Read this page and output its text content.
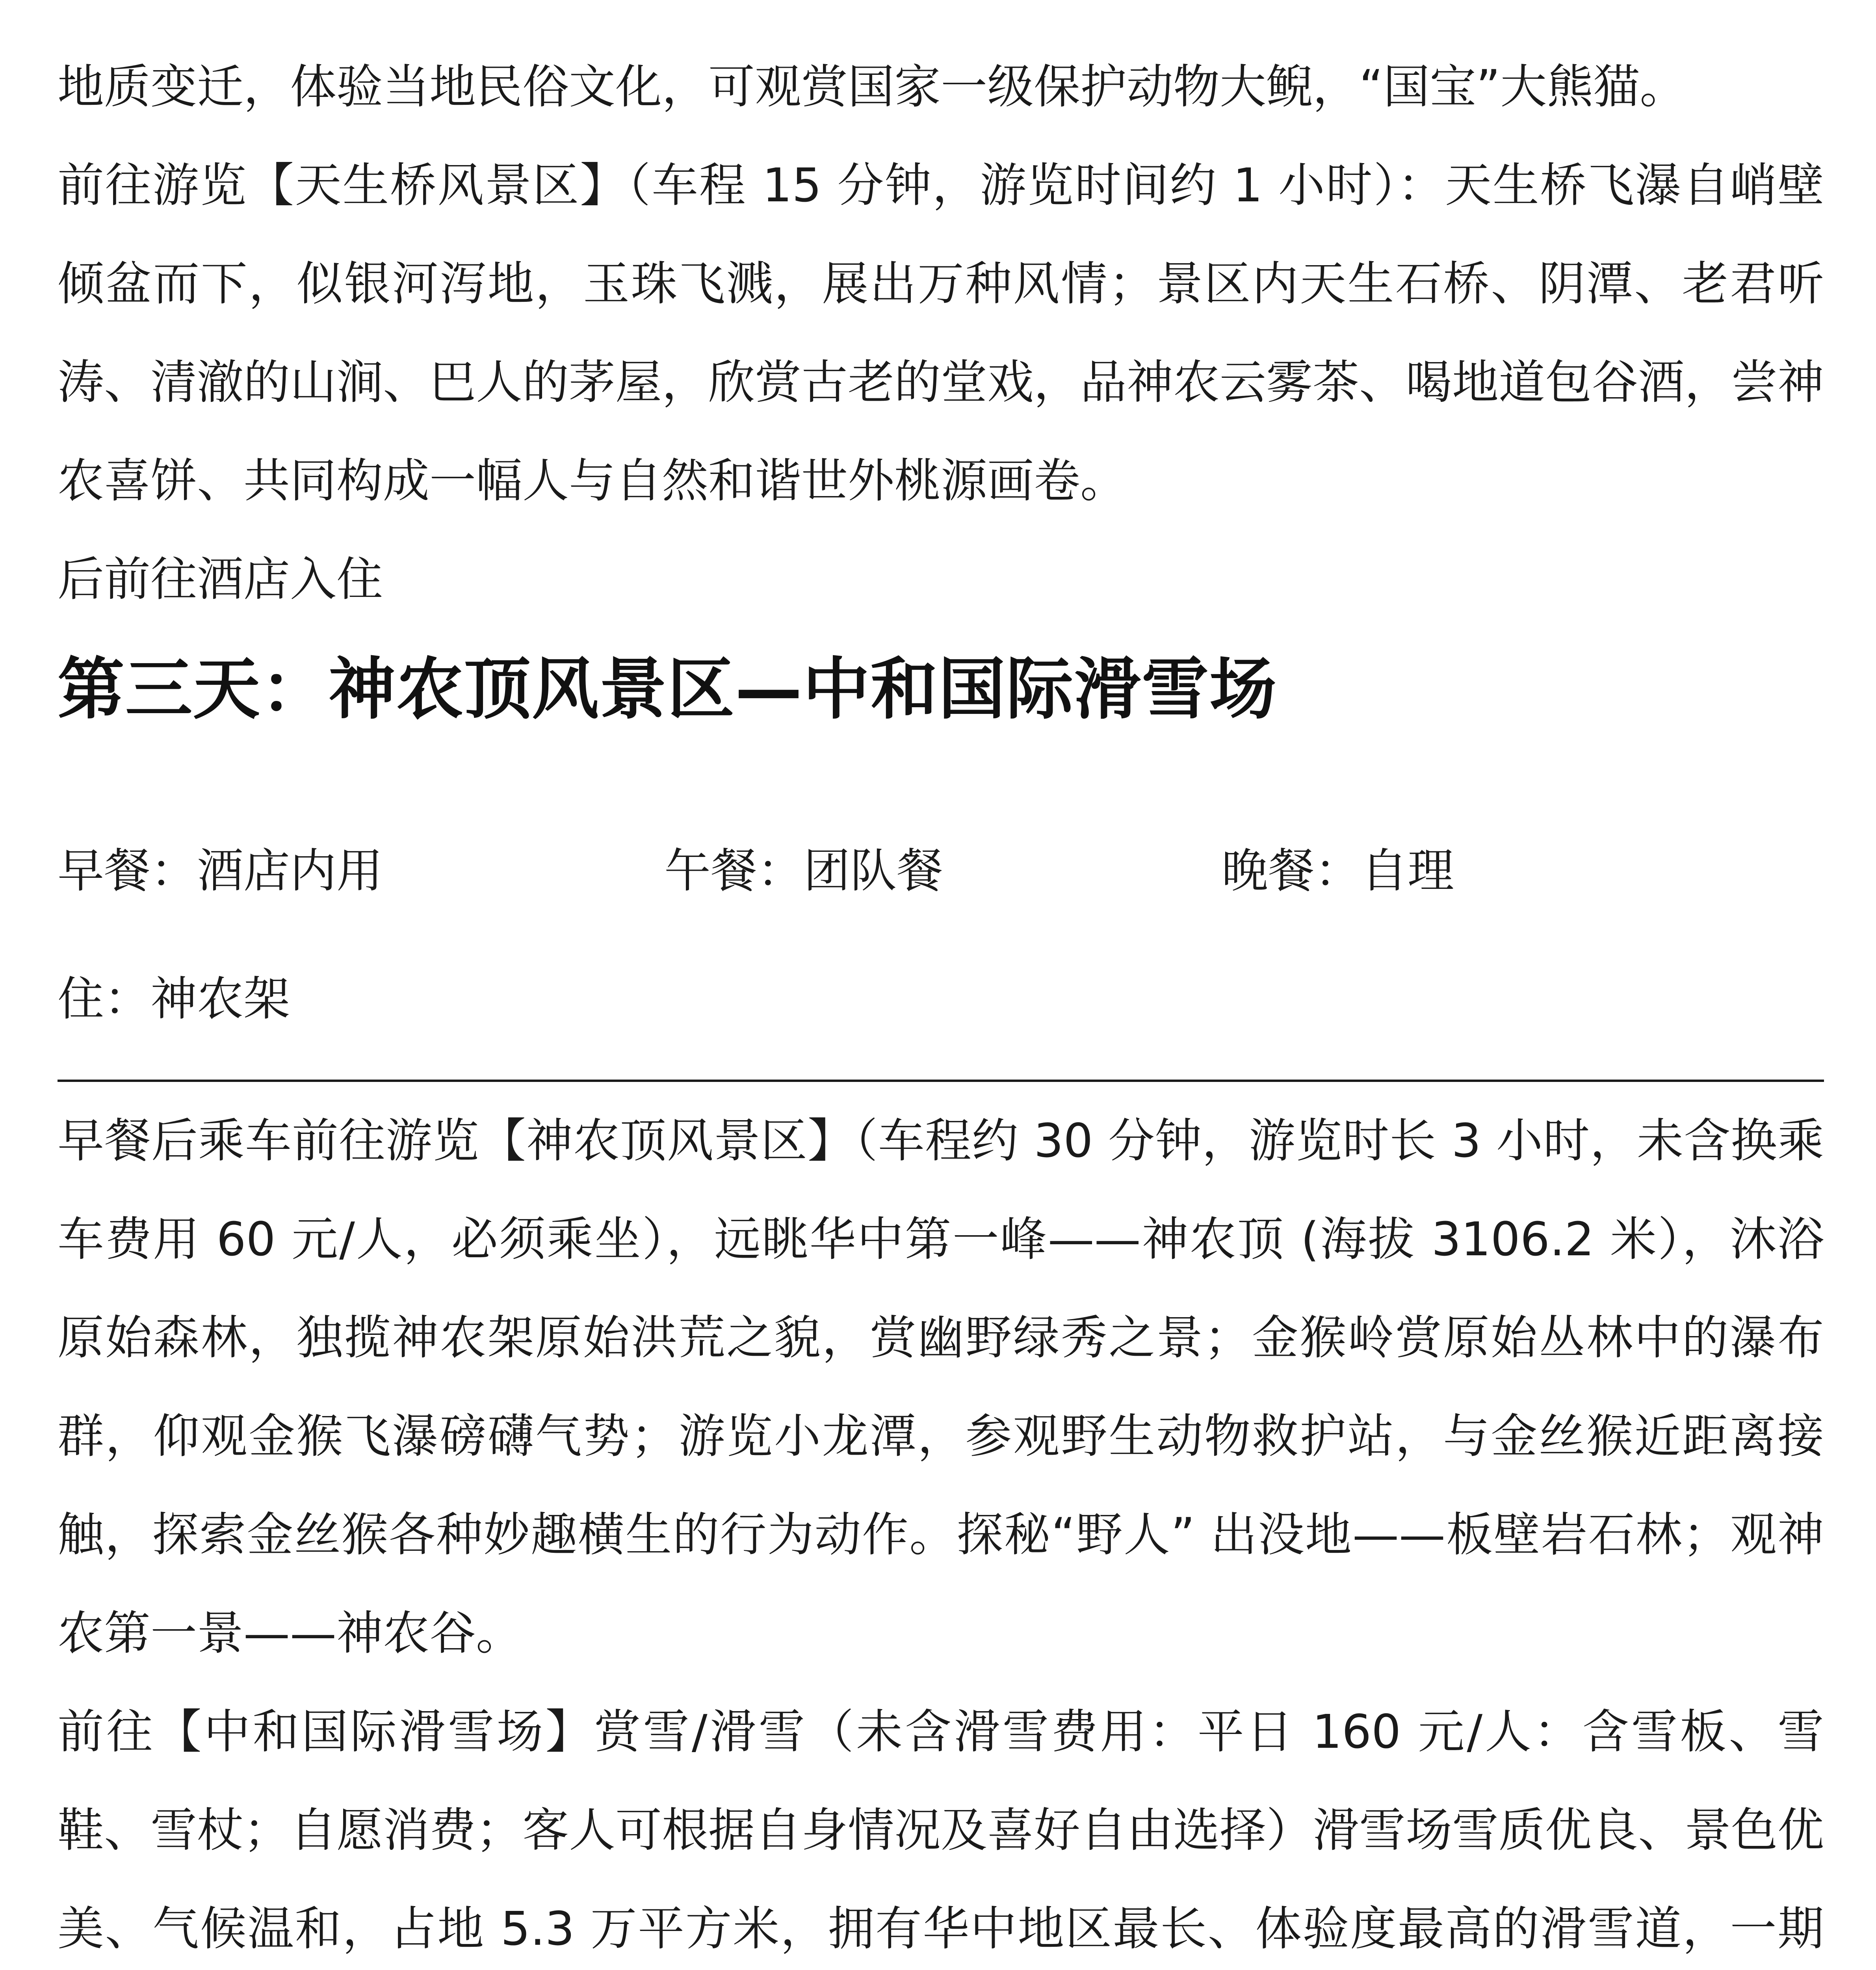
地质变迁，体验当地民俗文化，可观赏国家一级保护动物大鲵，“国宝”大熊猫。

前往游览【天生桥风景区】（车程 15 分钟，游览时间约 1 小时）：天生桥飞瀑自峭壁倾盆而下，似银河泻地，玉珠飞溅，展出万种风情；景区内天生石桥、阴潭、老君听涛、清澈的山涧、巴人的茅屋，欣赏古老的堂戏，品神农云雾茶、喝地道包谷酒，尝神农喜饼、共同构成一幅人与自然和谐世外桃源画卷。

后前往酒店入住

第三天：神农顶风景区—中和国际滑雪场
早餐：酒店内用	午餐：团队餐	晚餐：自理

住：神农架

早餐后乘车前往游览【神农顶风景区】（车程约 30 分钟，游览时长 3 小时，未含换乘车费用 60 元/人，必须乘坐），远眺华中第一峰——神农顶 (海拔 3106.2 米），沐浴原始森林，独揽神农架原始洪荒之貌，赏幽野绿秀之景；金猴岭赏原始丛林中的瀑布群，仰观金猴飞瀑磅礴气势；游览小龙潭，参观野生动物救护站，与金丝猴近距离接触，探索金丝猴各种妙趣横生的行为动作。探秘“野人” 出没地——板壁岩石林；观神农第一景——神农谷。

前往【中和国际滑雪场】赏雪/滑雪（未含滑雪费用：平日 160 元/人：含雪板、雪鞋、雪杖；自愿消费；客人可根据自身情况及喜好自由选择）滑雪场雪质优良、景色优美、气候温和，占地 5.3 万平方米，拥有华中地区最长、体验度最高的滑雪道，一期
